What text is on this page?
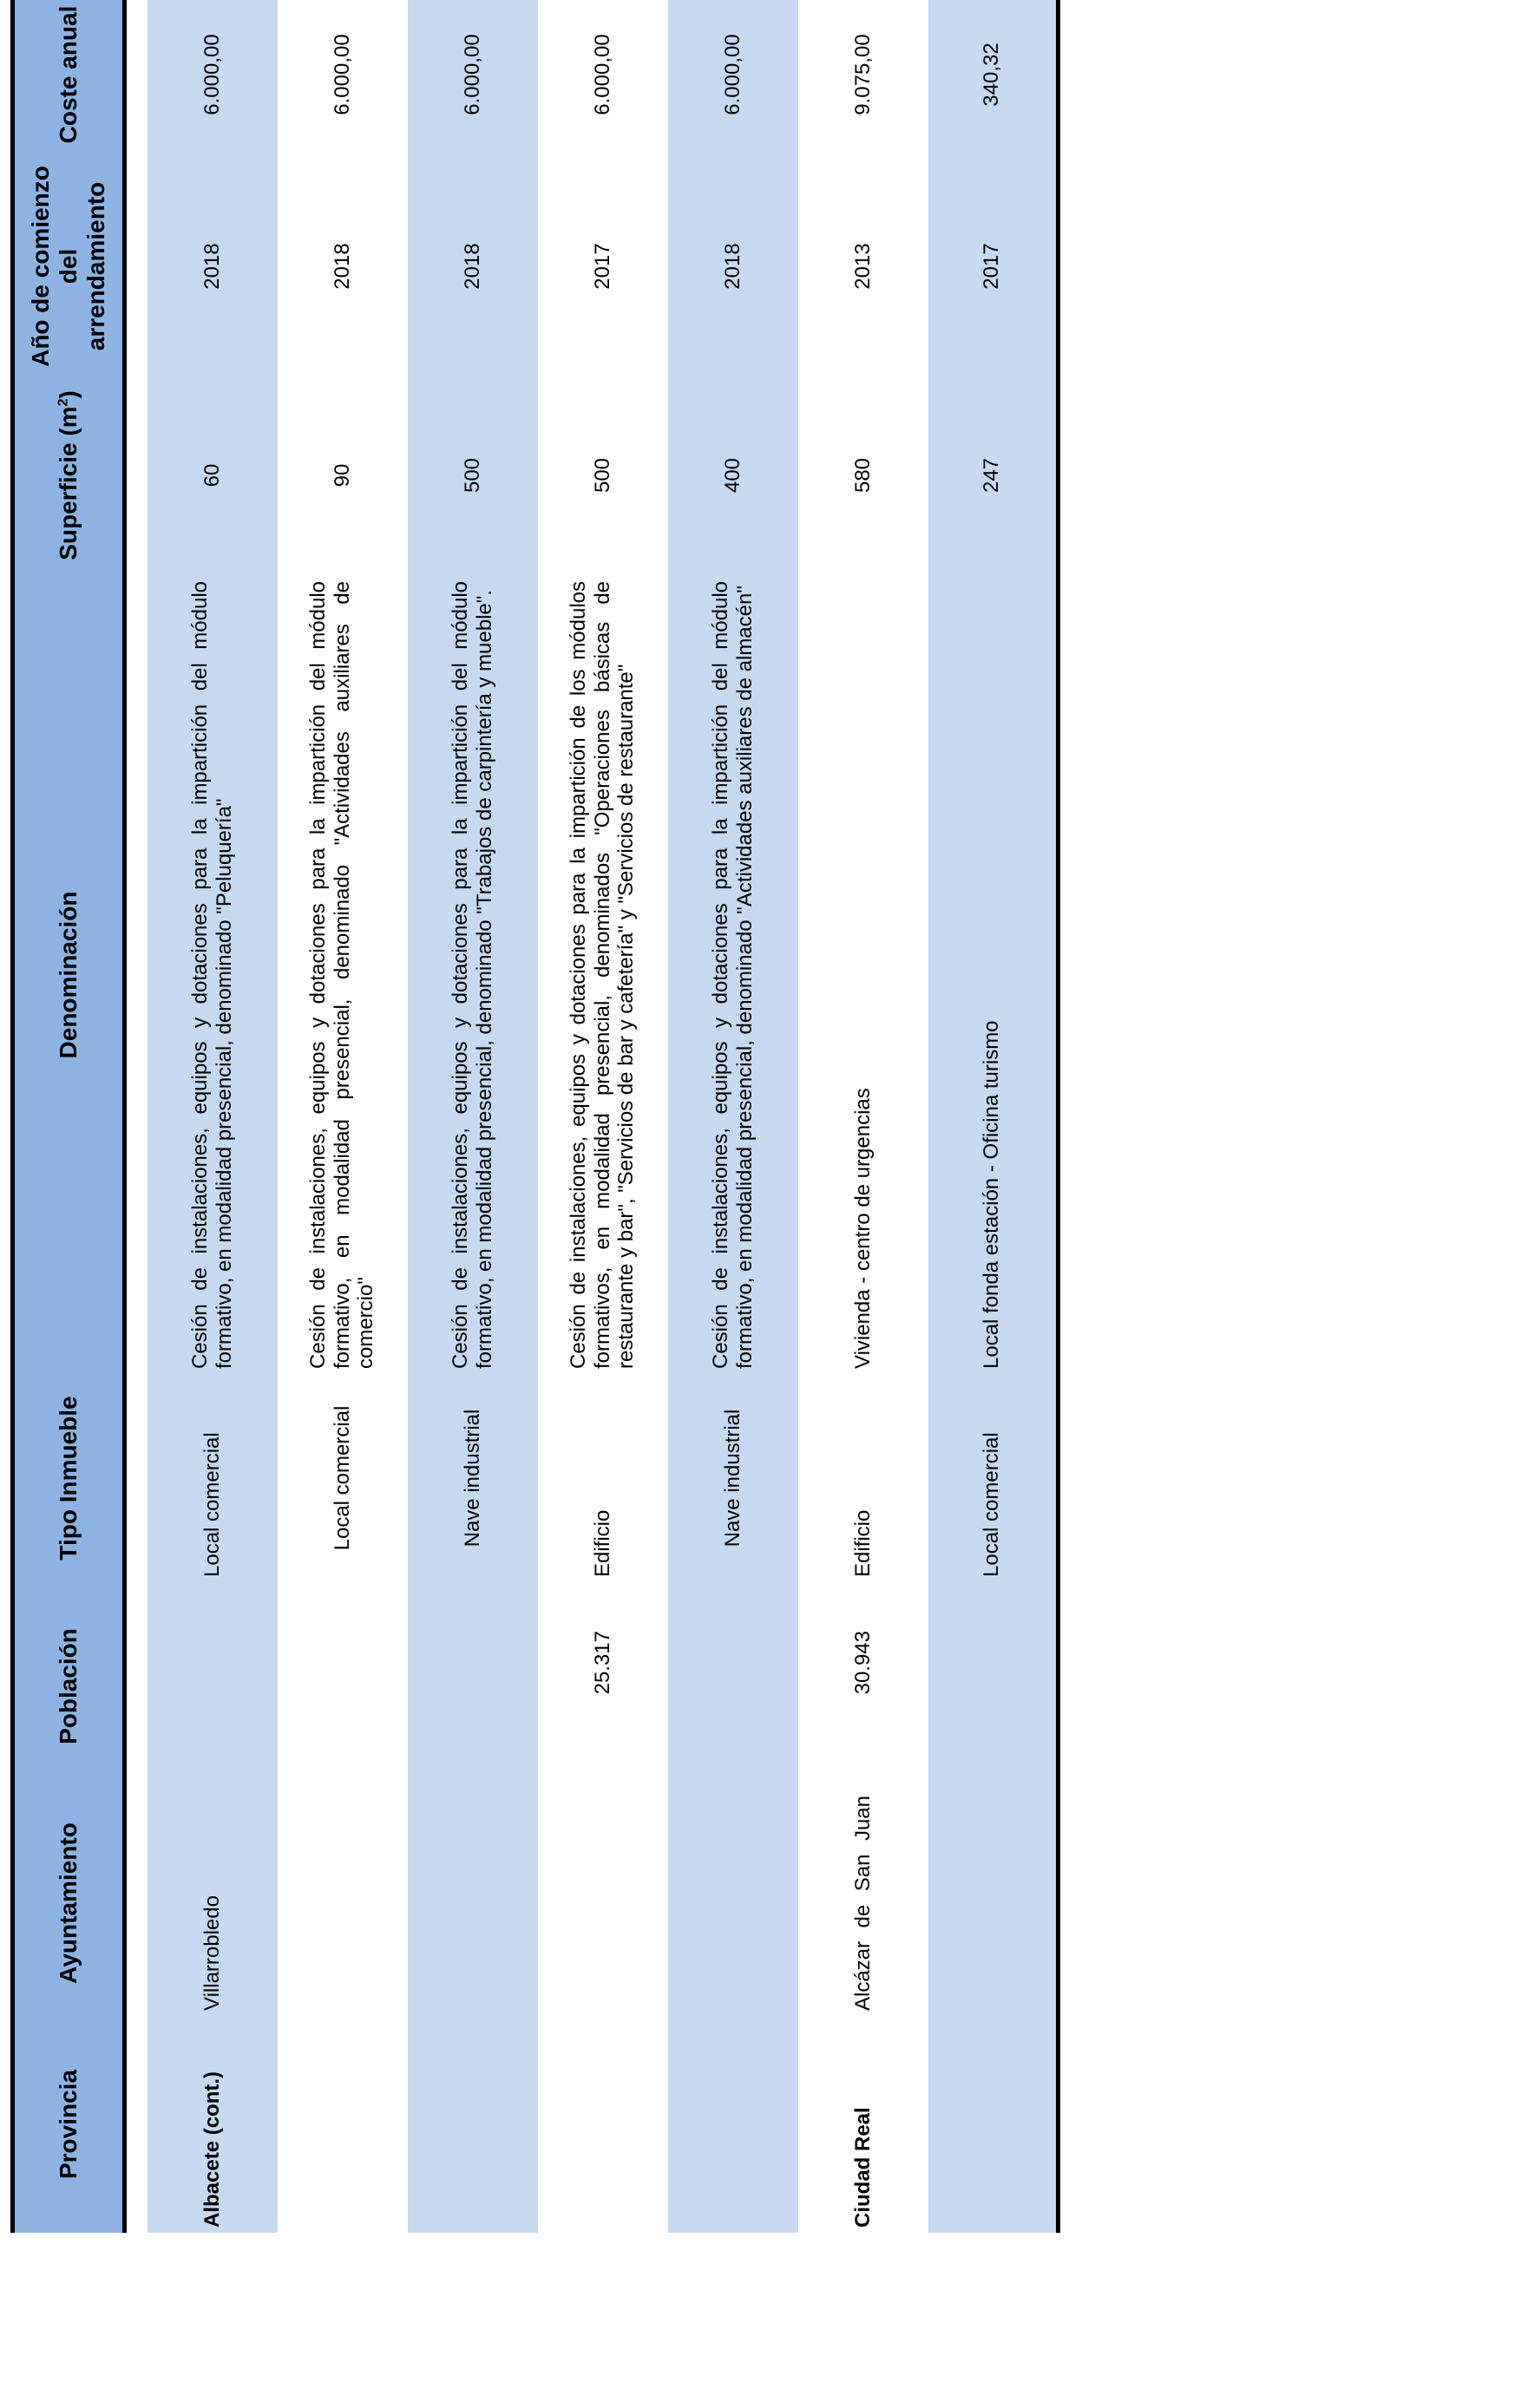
Provincia	Ayuntamiento	Población	Tipo Inmueble	Denominación	Superficie $(m^2)$	Año de comienzo del arrendamiento	Coste anual

Albacete (cont.)	Villarrobledo		Local comercial	Cesión de instalaciones, equipos y dotaciones para la impartición del módulo formativo, en modalidad presencial, denominado "Peluquería"	60	2018	6.000,00
			Local comercial	Cesión de instalaciones, equipos y dotaciones para la impartición del módulo formativo, en modalidad presencial, denominado "Actividades auxiliares de comercio"	90	2018	6.000,00
			Nave industrial	Cesión de instalaciones, equipos y dotaciones para la impartición del módulo formativo, en modalidad presencial, denominado "Trabajos de carpintería y mueble".	500	2018	6.000,00
		25.317	Edificio	Cesión de instalaciones, equipos y dotaciones para la impartición de los módulos formativos, en modalidad presencial, denominados "Operaciones básicas de restaurante y bar", "Servicios de bar y cafetería" y "Servicios de restaurante"	500	2017	6.000,00
			Nave industrial	Cesión de instalaciones, equipos y dotaciones para la impartición del módulo formativo, en modalidad presencial, denominado "Actividades auxiliares de almacén"	400	2018	6.000,00
Ciudad Real	Alcázar de San Juan	30.943	Edificio	Vivienda - centro de urgencias	580	2013	9.075,00
			Local comercial	Local fonda estación - Oficina turismo	247	2017	340,32
